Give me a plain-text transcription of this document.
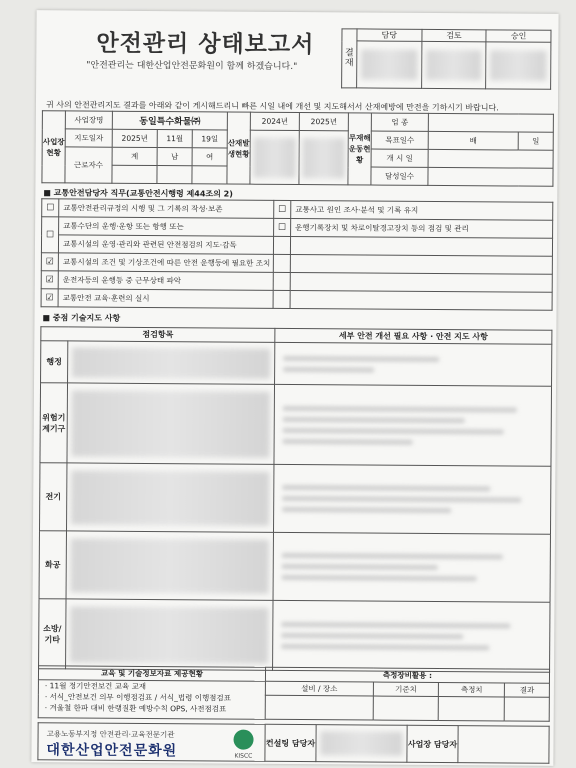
안전관리 상태보고서
"안전관리는 대한산업안전문화원이 함께 하겠습니다."
결재	담당	검토	승인

귀 사의 안전관리지도 결과를 아래와 같이 게시해드리니 빠른 시일 내에 개선 및 지도해서서 산재예방에 만전을 기하시기 바랍니다.
사업장현황	사업장명	동일특수화물㈜			산재발생현황	2024년	2025년	무재해운동현황	업 종		
	지도일자	2025년	11월	19일					목표일수	배	일
	근로자수	계	남	여					개 시 일		
									달성일수		
■ 교통안전담당자 직무(교통안전시행령 제44조의 2)
☐	교통안전관리규정의 시행 및 그 기록의 작성·보존	☐	교통사고 원인 조사·분석 및 기록 유지
☐	교통수단의 운행·운항 또는 항행 또는	☐	운행기록장치 및 차로이탈경고장치 등의 점검 및 관리
	교통시설의 운영·관리와 관련된 안전점검의 지도·감독		
☑	교통시설의 조건 및 기상조건에 따른 안전 운행등에 필요한 조치		
☑	운전자등의 운행등 중 근무상태 파악		
☑	교통안전 교육·훈련의 실시		
■ 중점 기술지도 사항
점검항목		세부 안전 개선 필요 사항 · 안전 지도 사항
행정	

위험기계기구	

전기	

화공	

소방/기타	

교육 및 기술정보자료 제공현황	측정장비활용 :			

· 11월 정기안전보건 교육 교재
· 서식_안전보건 의무 이행점검표 / 서식_법령 이행점검표
· 겨울철 한파 대비 한랭질환 예방수칙 OPS, 사전점검표	설비 / 장소	기준치	측정치	결과

고용노동부지정 안전관리·교육전문기관
대한산업안전문화원	KISCC
	컨설팅 담당자		사업장 담당자	
